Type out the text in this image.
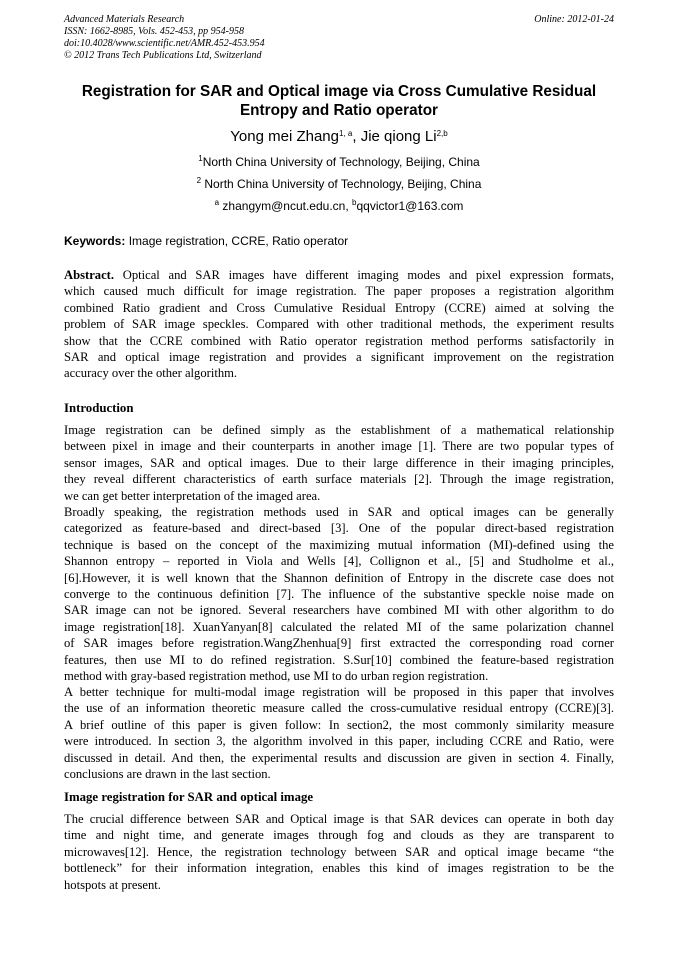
Advanced Materials Research
ISSN: 1662-8985, Vols. 452-453, pp 954-958
doi:10.4028/www.scientific.net/AMR.452-453.954
© 2012 Trans Tech Publications Ltd, Switzerland
Online: 2012-01-24
Registration for SAR and Optical image via Cross Cumulative Residual
Entropy and Ratio operator
Yong mei Zhang$^{1, a}$, Jie qiong Li$^{2,b}$
$^1$North China University of Technology, Beijing, China
$^2$ North China University of Technology, Beijing, China
$^a$ zhangym@ncut.edu.cn, $^b$qqvictor1@163.com
Keywords: Image registration, CCRE, Ratio operator
Abstract. Optical and SAR images have different imaging modes and pixel expression formats,
which caused much difficult for image registration. The paper proposes a registration algorithm
combined Ratio gradient and Cross Cumulative Residual Entropy (CCRE) aimed at solving the
problem of SAR image speckles. Compared with other traditional methods, the experiment results
show that the CCRE combined with Ratio operator registration method performs satisfactorily in
SAR and optical image registration and provides a significant improvement on the registration
accuracy over the other algorithm.
Introduction
Image registration can be defined simply as the establishment of a mathematical relationship
between pixel in image and their counterparts in another image [1]. There are two popular types of
sensor images, SAR and optical images. Due to their large difference in their imaging principles,
they reveal different characteristics of earth surface materials [2]. Through the image registration,
we can get better interpretation of the imaged area.
Broadly speaking, the registration methods used in SAR and optical images can be generally
categorized as feature-based and direct-based [3]. One of the popular direct-based registration
technique is based on the concept of the maximizing mutual information (MI)-defined using the
Shannon entropy – reported in Viola and Wells [4], Collignon et al., [5] and Studholme et al.,
[6].However, it is well known that the Shannon definition of Entropy in the discrete case does not
converge to the continuous definition [7]. The influence of the substantive speckle noise made on
SAR image can not be ignored. Several researchers have combined MI with other algorithm to do
image registration[18]. XuanYanyan[8] calculated the related MI of the same polarization channel
of SAR images before registration.WangZhenhua[9] first extracted the corresponding road corner
features, then use MI to do refined registration. S.Sur[10] combined the feature-based registration
method with gray-based registration method, use MI to do urban region registration.
A better technique for multi-modal image registration will be proposed in this paper that involves
the use of an information theoretic measure called the cross-cumulative residual entropy (CCRE)[3].
A brief outline of this paper is given follow: In section2, the most commonly similarity measure
were introduced. In section 3, the algorithm involved in this paper, including CCRE and Ratio, were
discussed in detail. And then, the experimental results and discussion are given in section 4. Finally,
conclusions are drawn in the last section.
Image registration for SAR and optical image
The crucial difference between SAR and Optical image is that SAR devices can operate in both day
time and night time, and generate images through fog and clouds as they are transparent to
microwaves[12]. Hence, the registration technology between SAR and optical image became “the
bottleneck” for their information integration, enables this kind of images registration to be the
hotspots at present.
